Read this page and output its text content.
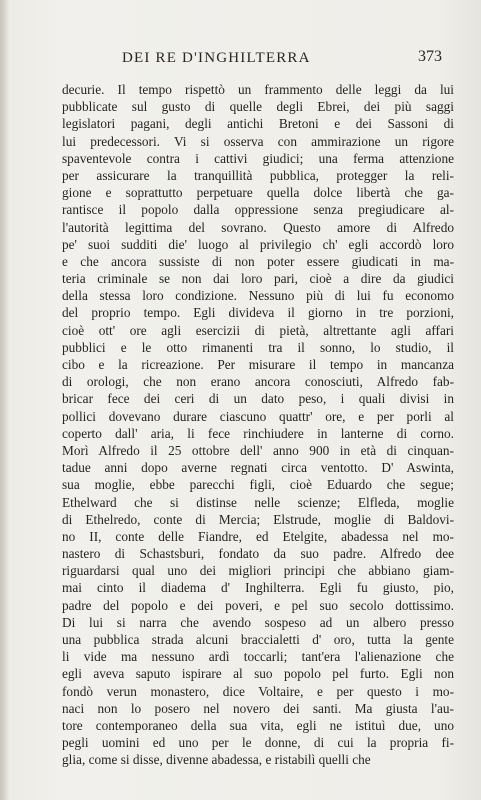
DEI RE D'INGHILTERRA	373
decurie. Il tempo rispettò un frammento delle leggi da lui
pubblicate sul gusto di quelle degli Ebrei, dei più saggi
legislatori pagani, degli antichi Bretoni e dei Sassoni di
lui predecessori. Vi si osserva con ammirazione un rigore
spaventevole contra i cattivi giudici; una ferma attenzione
per assicurare la tranquillità pubblica, protegger la reli-
gione e soprattutto perpetuare quella dolce libertà che ga-
rantisce il popolo dalla oppressione senza pregiudicare al-
l'autorità legittima del sovrano. Questo amore di Alfredo
pe' suoi sudditi die' luogo al privilegio ch' egli accordò loro
e che ancora sussiste di non poter essere giudicati in ma-
teria criminale se non dai loro pari, cioè a dire da giudici
della stessa loro condizione. Nessuno più di lui fu economo
del proprio tempo. Egli divideva il giorno in tre porzioni,
cioè ott' ore agli esercizii di pietà, altrettante agli affari
pubblici e le otto rimanenti tra il sonno, lo studio, il
cibo e la ricreazione. Per misurare il tempo in mancanza
di orologi, che non erano ancora conosciuti, Alfredo fab-
bricar fece dei ceri di un dato peso, i quali divisi in
pollici dovevano durare ciascuno quattr' ore, e per porli al
coperto dall' aria, li fece rinchiudere in lanterne di corno.
Morì Alfredo il 25 ottobre dell' anno 900 in età di cinquan-
tadue anni dopo averne regnati circa ventotto. D' Aswinta,
sua moglie, ebbe parecchi figli, cioè Eduardo che segue;
Ethelward che si distinse nelle scienze; Elfleda, moglie
di Ethelredo, conte di Mercia; Elstrude, moglie di Baldovi-
no II, conte delle Fiandre, ed Etelgite, abadessa nel mo-
nastero di Schastsburi, fondato da suo padre. Alfredo dee
riguardarsi qual uno dei migliori principi che abbiano giam-
mai cinto il diadema d' Inghilterra. Egli fu giusto, pio,
padre del popolo e dei poveri, e pel suo secolo dottissimo.
Di lui si narra che avendo sospeso ad un albero presso
una pubblica strada alcuni braccialetti d' oro, tutta la gente
li vide ma nessuno ardì toccarli; tant'era l'alienazione che
egli aveva saputo ispirare al suo popolo pel furto. Egli non
fondò verun monastero, dice Voltaire, e per questo i mo-
naci non lo posero nel novero dei santi. Ma giusta l'au-
tore contemporaneo della sua vita, egli ne istituì due, uno
pegli uomini ed uno per le donne, di cui la propria fi-
glia, come si disse, divenne abadessa, e ristabilì quelli che
